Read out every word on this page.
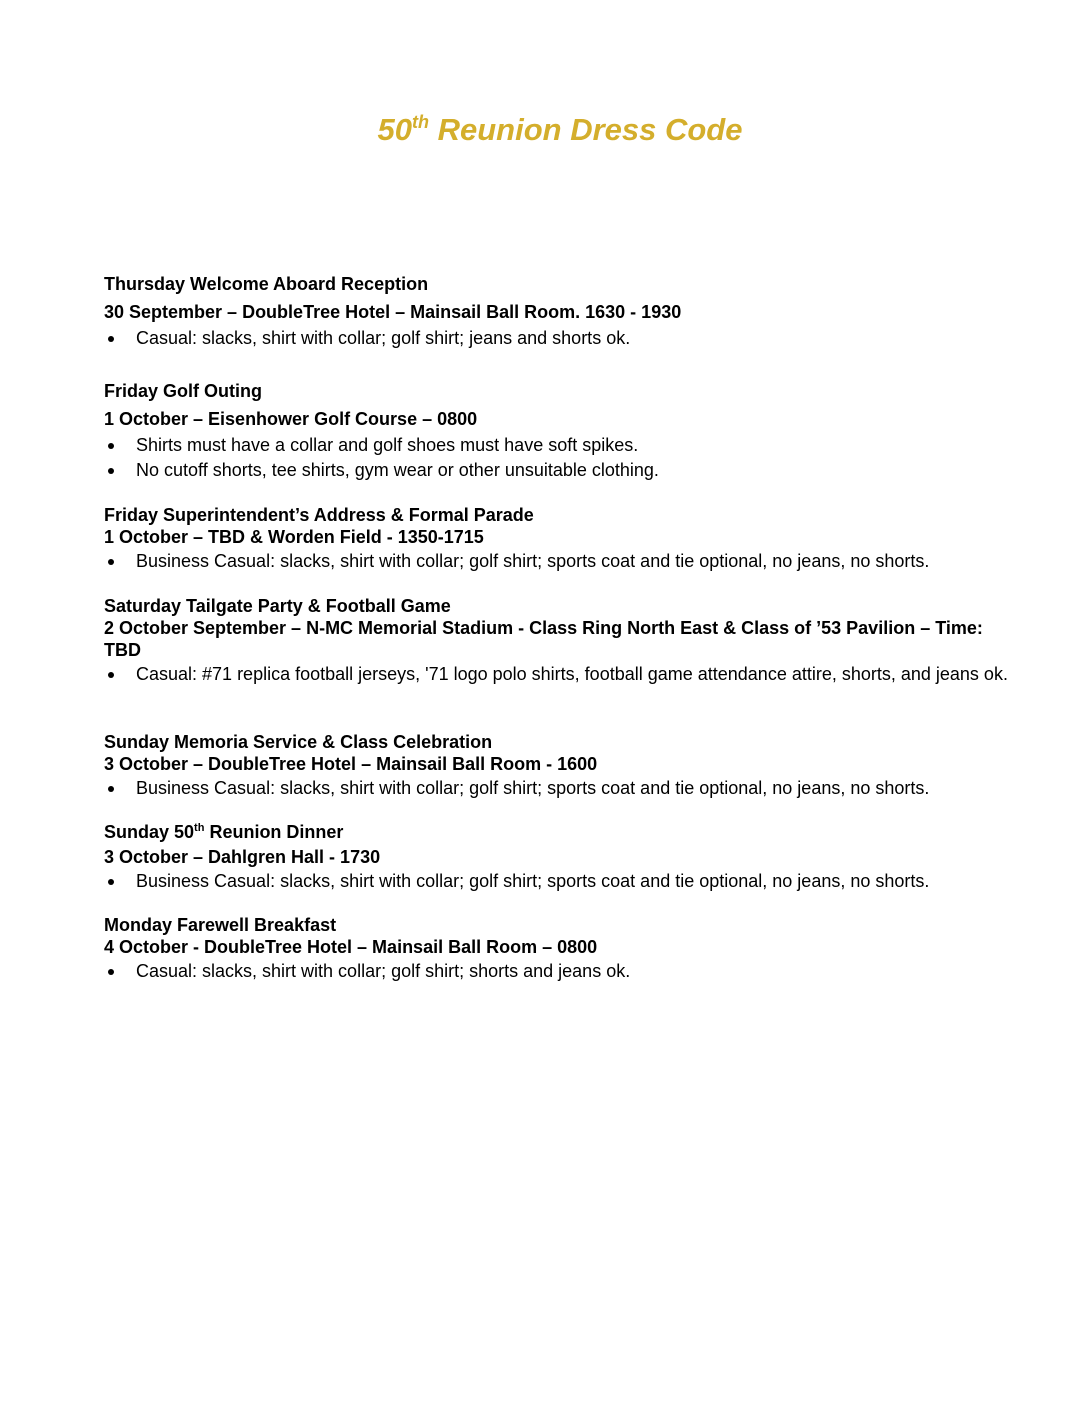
50th Reunion Dress Code

Thursday Welcome Aboard Reception

30 September – DoubleTree Hotel – Mainsail Ball Room. 1630 - 1930

Casual: slacks, shirt with collar; golf shirt; jeans and shorts ok.

Friday Golf Outing

1 October – Eisenhower Golf Course – 0800

Shirts must have a collar and golf shoes must have soft spikes.
No cutoff shorts, tee shirts, gym wear or other unsuitable clothing.

Friday Superintendent’s Address & Formal Parade

1 October – TBD & Worden Field - 1350-1715

Business Casual: slacks, shirt with collar; golf shirt; sports coat and tie optional, no jeans, no shorts.

Saturday Tailgate Party & Football Game

2 October September – N-MC Memorial Stadium - Class Ring North East & Class of ’53 Pavilion – Time: TBD

Casual: #71 replica football jerseys, '71 logo polo shirts, football game attendance attire, shorts, and jeans ok.

Sunday Memoria Service & Class Celebration

3 October – DoubleTree Hotel – Mainsail Ball Room - 1600

Business Casual: slacks, shirt with collar; golf shirt; sports coat and tie optional, no jeans, no shorts.

Sunday 50th Reunion Dinner

3 October – Dahlgren Hall - 1730

Business Casual: slacks, shirt with collar; golf shirt; sports coat and tie optional, no jeans, no shorts.

Monday Farewell Breakfast

4 October - DoubleTree Hotel – Mainsail Ball Room – 0800

Casual: slacks, shirt with collar; golf shirt; shorts and jeans ok.
